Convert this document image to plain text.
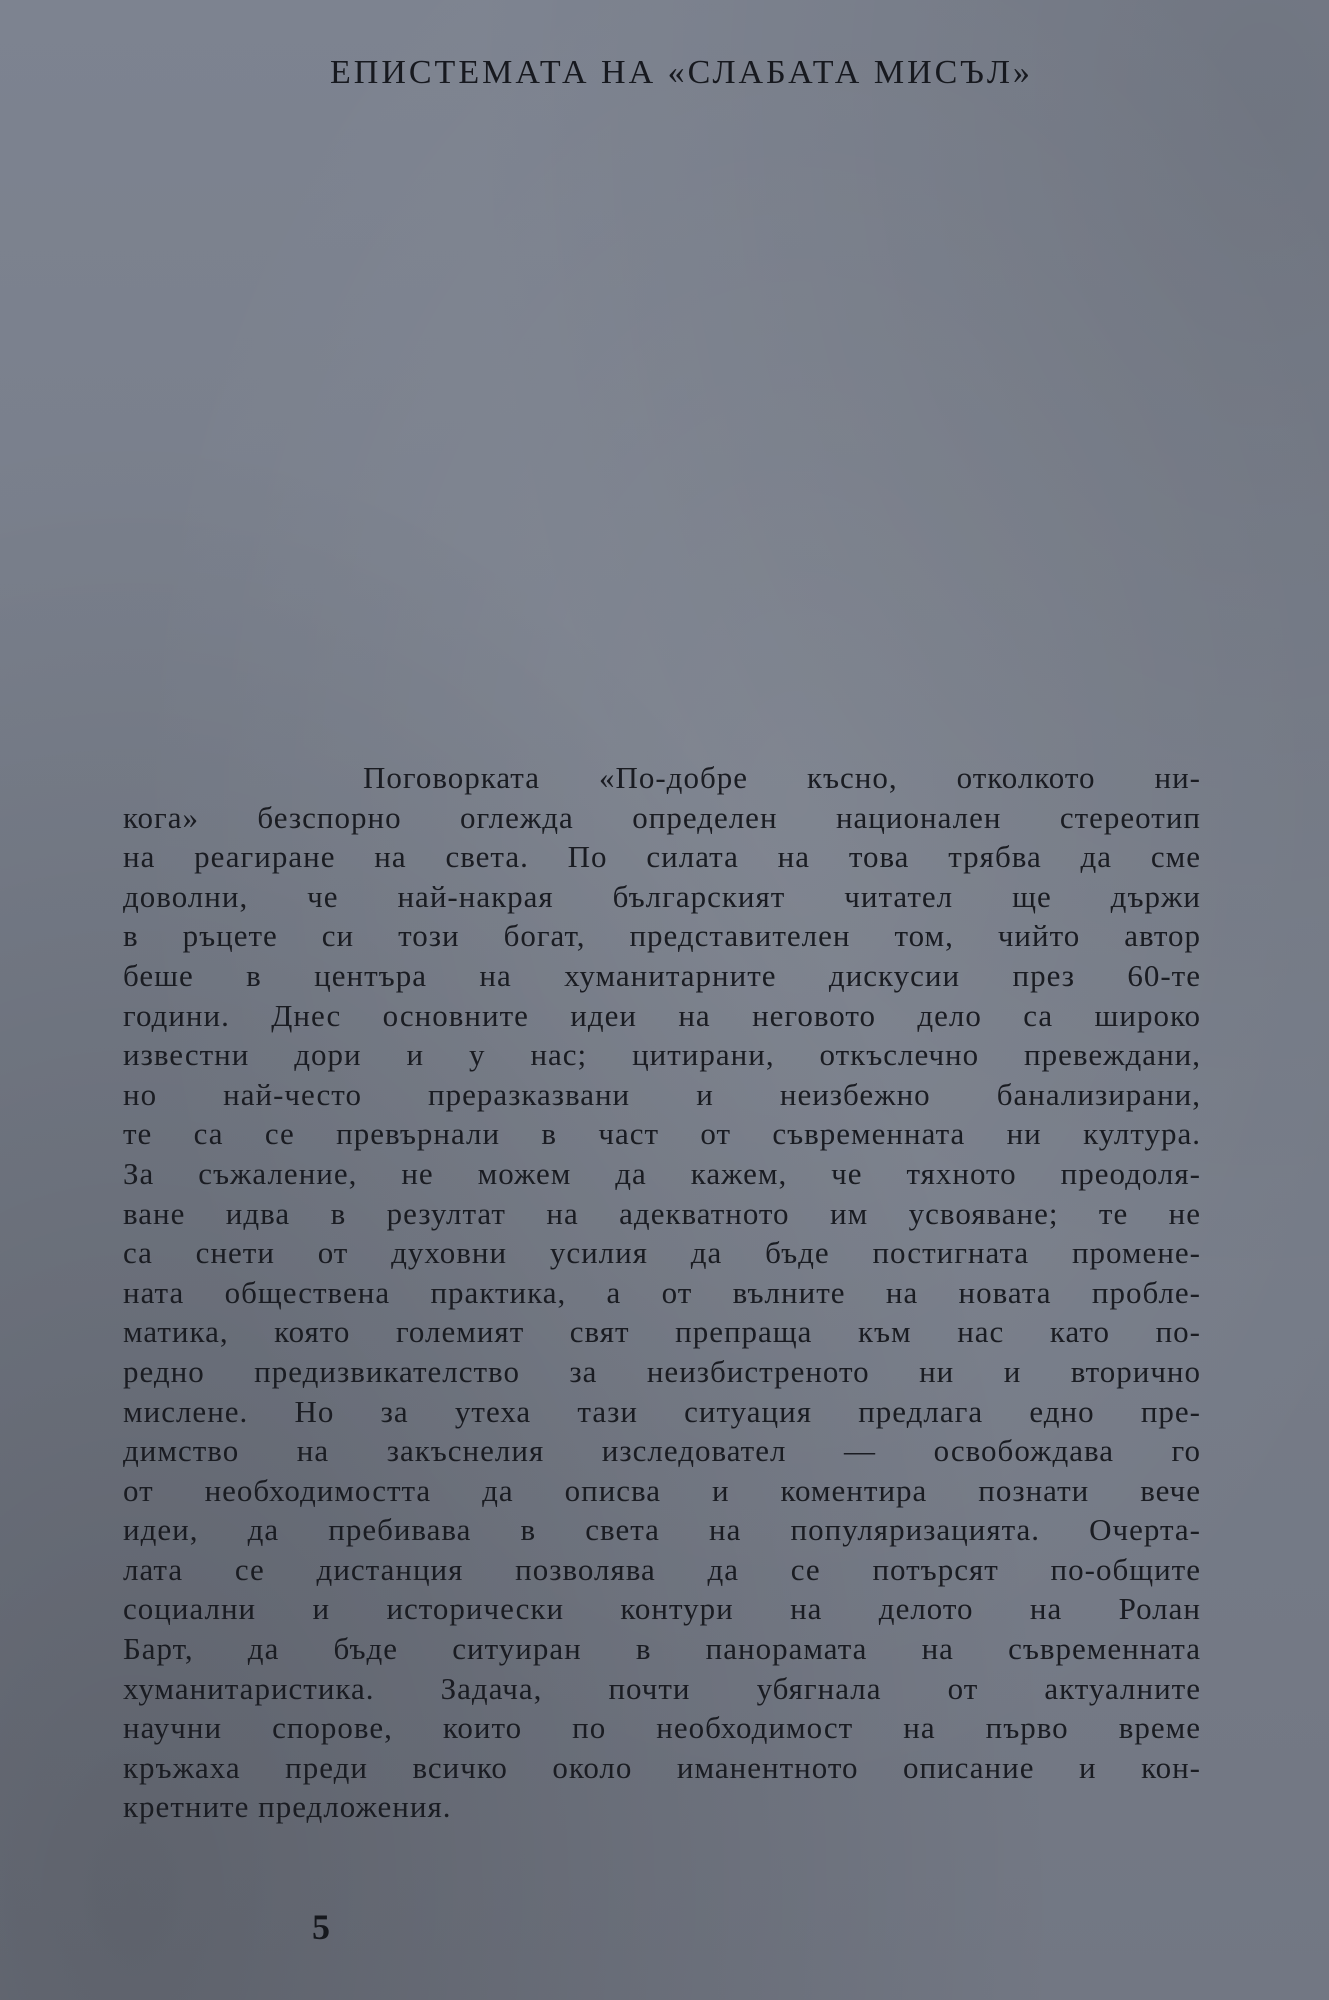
ЕПИСТЕМАТА НА «СЛАБАТА МИСЪЛ»
Поговорката «По-добре късно, отколкото ни-
кога» безспорно оглежда определен национален стереотип
на реагиране на света. По силата на това трябва да сме
доволни, че най-накрая българският читател ще държи
в ръцете си този богат, представителен том, чийто автор
беше в центъра на хуманитарните дискусии през 60-те
години. Днес основните идеи на неговото дело са широко
известни дори и у нас; цитирани, откъслечно превеждани,
но най-често преразказвани и неизбежно банализирани,
те са се превърнали в част от съвременната ни култура.
За съжаление, не можем да кажем, че тяхното преодоля-
ване идва в резултат на адекватното им усвояване; те не
са снети от духовни усилия да бъде постигната промене-
ната обществена практика, а от вълните на новата пробле-
матика, която големият свят препраща към нас като по-
редно предизвикателство за неизбистреното ни и вторично
мислене. Но за утеха тази ситуация предлага едно пре-
димство на закъснелия изследовател — освобождава го
от необходимостта да описва и коментира познати вече
идеи, да пребивава в света на популяризацията. Очерта-
лата се дистанция позволява да се потърсят по-общите
социални и исторически контури на делото на Ролан
Барт, да бъде ситуиран в панорамата на съвременната
хуманитаристика. Задача, почти убягнала от актуалните
научни спорове, които по необходимост на първо време
кръжаха преди всичко около иманентното описание и кон-
кретните предложения.
5
